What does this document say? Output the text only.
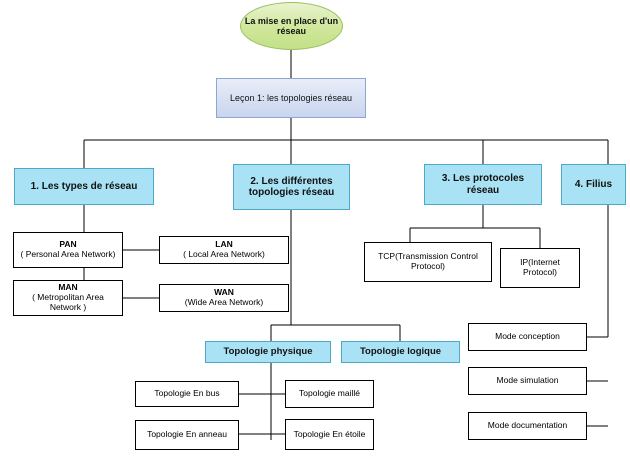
La mise en place d'un réseau
Leçon 1: les topologies réseau
1. Les types de réseau	2. Les différentes topologies réseau
3. Les protocoles réseau
4. Filius
PAN
( Personal Area Network)
MAN
( Metropolitan Area Network )
LAN
( Local Area Network)
WAN
(Wide Area Network)
TCP(Transmission Control Protocol)	IP(Internet Protocol)
Mode conception
Mode simulation
Mode documentation
Topologie physique	Topologie logique
Topologie En bus
Topologie En anneau
Topologie maillé
Topologie En étoile
